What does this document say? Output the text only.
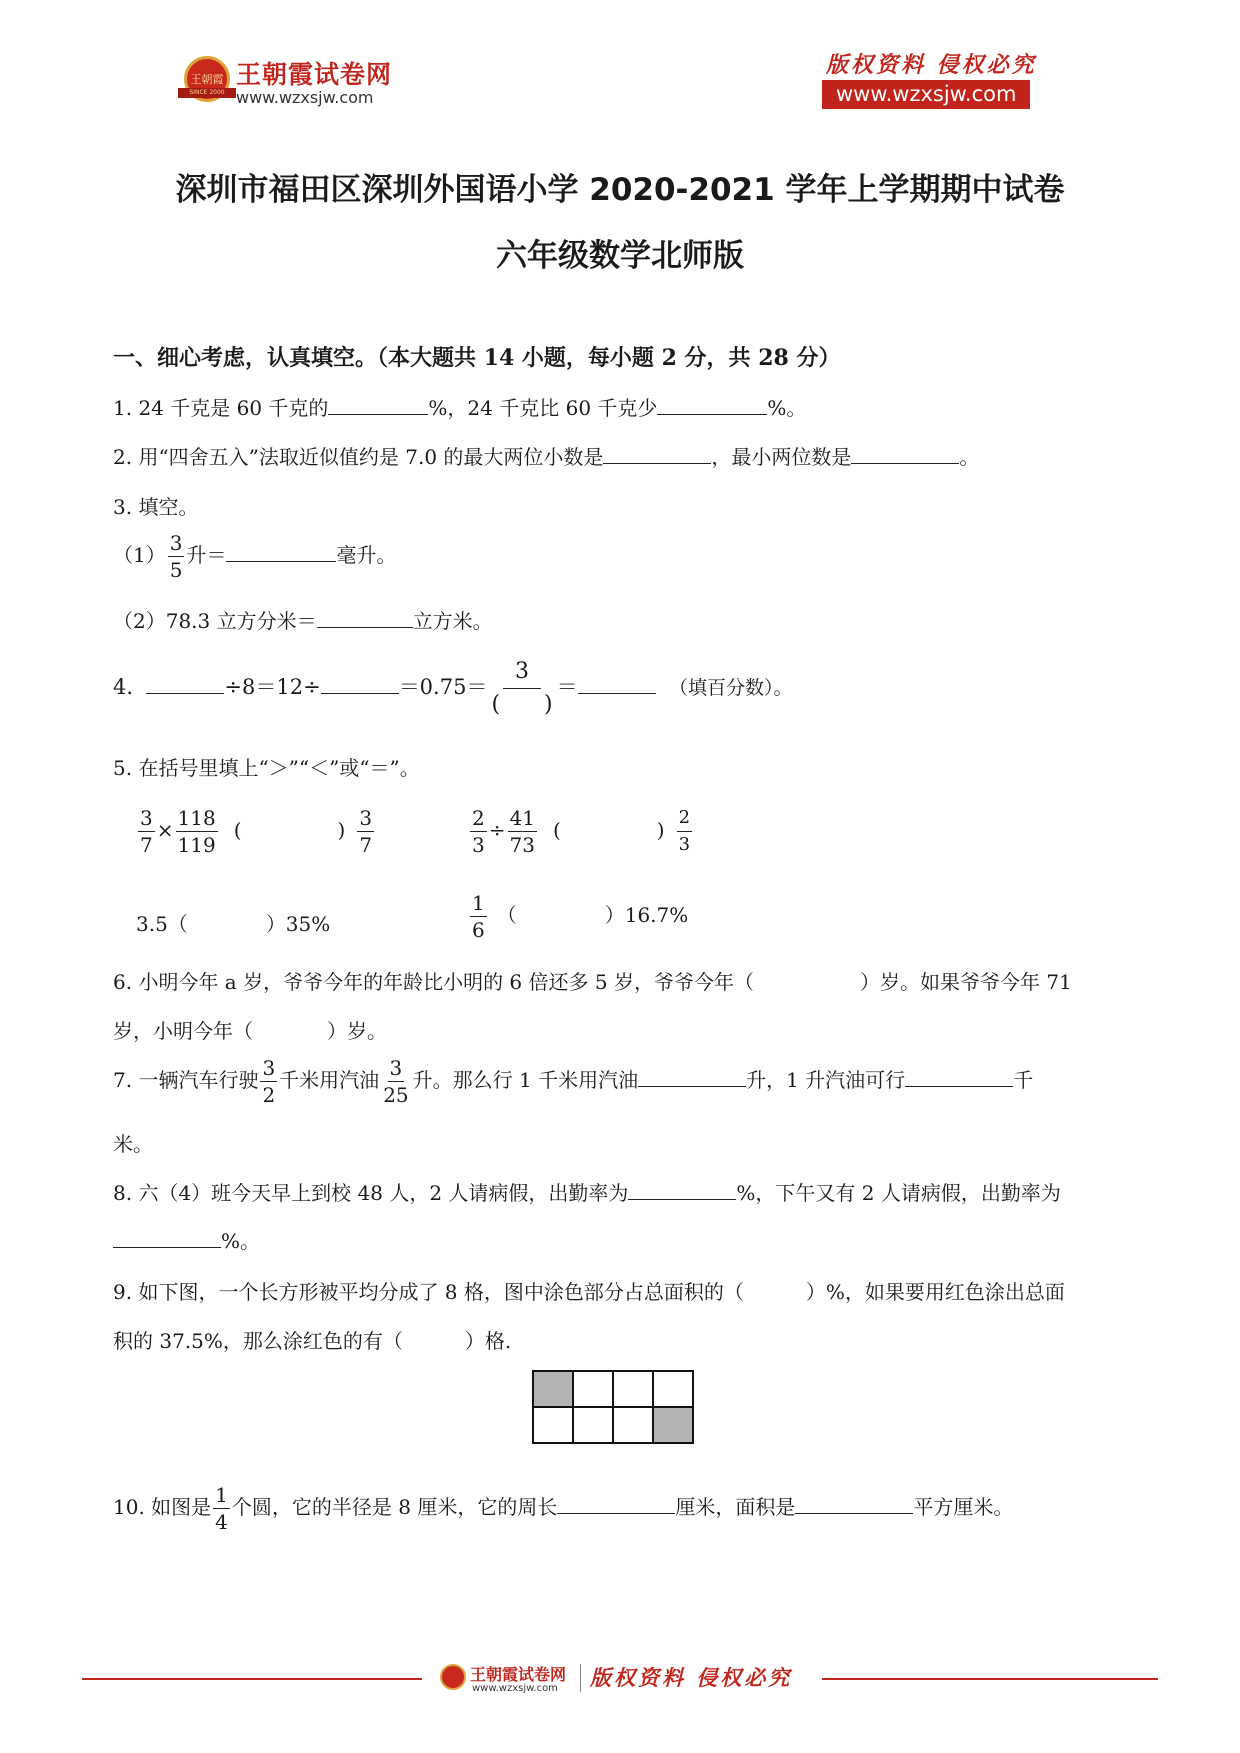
王朝霞
SINCE 2000
王朝霞试卷网
www.wzxsjw.com
版权资料 侵权必究
www.wzxsjw.com
深圳市福田区深圳外国语小学 2020-2021 学年上学期期中试卷
六年级数学北师版
一、细心考虑，认真填空。（本大题共 14 小题，每小题 2 分，共 28 分）
1. 24 千克是 60 千克的	%，24 千克比 60 千克少	%。
2. 用“四舍五入”法取近似值约是 7.0 的最大两位小数是	，最小两位数是	。
3. 填空。
$(1) \frac{3}{5}$ 升＝	毫升。
（2）78.3 立方分米＝	立方米。
4.	÷8＝12÷	$=0.75= \frac{3}{( )}$ ＝	（填百分数）。
5. 在括号里填上“＞”“＜”或“＝”。
$\frac{3}{7} \times \frac{118}{119}$ (	) $\frac{3}{7}$	$\frac{2}{3} \div \frac{41}{73}$ (	) $\frac{2}{3}$
3.5（	）35%	$\frac{1}{6}$ （	）16.7%
6. 小明今年 a 岁，爷爷今年的年龄比小明的 6 倍还多 5 岁，爷爷今年（	）岁。如果爷爷今年 71
岁，小明今年（	）岁。
7. 一辆汽车行驶 $\frac{3}{2}$ 千米用汽油 $\frac{3}{25}$ 升。那么行 1 千米用汽油	升，1 升汽油可行	千
米。
8. 六（4）班今天早上到校 48 人，2 人请病假，出勤率为	%，下午又有 2 人请病假，出勤率为
%。
9. 如下图，一个长方形被平均分成了 8 格，图中涂色部分占总面积的（	）%，如果要用红色涂出总面
积的 37.5%，那么涂红色的有（	）格.

10. 如图是 $\frac{1}{4}$ 个圆，它的半径是 8 厘米，它的周长	厘米，面积是	平方厘米。
王朝霞试卷网
www.wzxsjw.com 版权资料 侵权必究
